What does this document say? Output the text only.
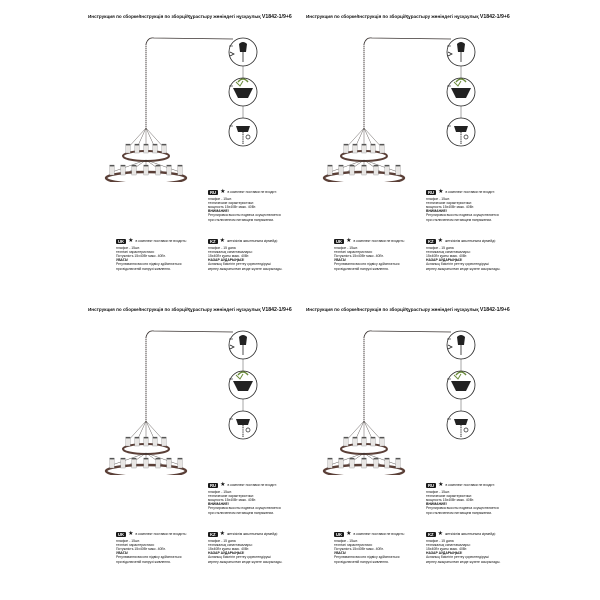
Инструкция по сборке/Інструкція по зборці/Құрастыру жөніндегі нұсқаулық V1842-1/9+6
RU ★ в комплект поставки не входит:
плафон - 15шт.
технические характеристики:
мощность 15х40Вт макс. 40Вт.
ВНИМАНИЕ!
Регулировка высоты подвеса осуществляется
при отключенном питающем напряжении.
UK ★ в комплект поставки не входить:
плафон - 15шт.
технічні характеристики:
Потужність 15х40Вт макс. 40Вт.
УВАГА!
Регулювання висоти підвісу здійснюється
при відключеній напрузі живлення.
KZ ★ жеткізілім жиынтығына кірмейді:
плафон - 15 дана
техникалық сипаттамалары:
15х40Вт қуаты макс. 40Вт.
НАЗАР АУДАРЫҢЫЗ!
Аспаның биіктігін реттеу қоректендіруші
кернеу ажыратылған кезде жүзеге асырылады.
Инструкция по сборке/Інструкція по зборці/Құрастыру жөніндегі нұсқаулық V1842-1/9+6
RU ★ в комплект поставки не входит:
плафон - 15шт.
технические характеристики:
мощность 15х40Вт макс. 40Вт.
ВНИМАНИЕ!
Регулировка высоты подвеса осуществляется
при отключенном питающем напряжении.
UK ★ в комплект поставки не входить:
плафон - 15шт.
технічні характеристики:
Потужність 15х40Вт макс. 40Вт.
УВАГА!
Регулювання висоти підвісу здійснюється
при відключеній напрузі живлення.
KZ ★ жеткізілім жиынтығына кірмейді:
плафон - 15 дана
техникалық сипаттамалары:
15х40Вт қуаты макс. 40Вт.
НАЗАР АУДАРЫҢЫЗ!
Аспаның биіктігін реттеу қоректендіруші
кернеу ажыратылған кезде жүзеге асырылады.
Инструкция по сборке/Інструкція по зборці/Құрастыру жөніндегі нұсқаулық V1842-1/9+6
RU ★ в комплект поставки не входит:
плафон - 15шт.
технические характеристики:
мощность 15х40Вт макс. 40Вт.
ВНИМАНИЕ!
Регулировка высоты подвеса осуществляется
при отключенном питающем напряжении.
UK ★ в комплект поставки не входить:
плафон - 15шт.
технічні характеристики:
Потужність 15х40Вт макс. 40Вт.
УВАГА!
Регулювання висоти підвісу здійснюється
при відключеній напрузі живлення.
KZ ★ жеткізілім жиынтығына кірмейді:
плафон - 15 дана
техникалық сипаттамалары:
15х40Вт қуаты макс. 40Вт.
НАЗАР АУДАРЫҢЫЗ!
Аспаның биіктігін реттеу қоректендіруші
кернеу ажыратылған кезде жүзеге асырылады.
Инструкция по сборке/Інструкція по зборці/Құрастыру жөніндегі нұсқаулық V1842-1/9+6
RU ★ в комплект поставки не входит:
плафон - 15шт.
технические характеристики:
мощность 15х40Вт макс. 40Вт.
ВНИМАНИЕ!
Регулировка высоты подвеса осуществляется
при отключенном питающем напряжении.
UK ★ в комплект поставки не входить:
плафон - 15шт.
технічні характеристики:
Потужність 15х40Вт макс. 40Вт.
УВАГА!
Регулювання висоти підвісу здійснюється
при відключеній напрузі живлення.
KZ ★ жеткізілім жиынтығына кірмейді:
плафон - 15 дана
техникалық сипаттамалары:
15х40Вт қуаты макс. 40Вт.
НАЗАР АУДАРЫҢЫЗ!
Аспаның биіктігін реттеу қоректендіруші
кернеу ажыратылған кезде жүзеге асырылады.
